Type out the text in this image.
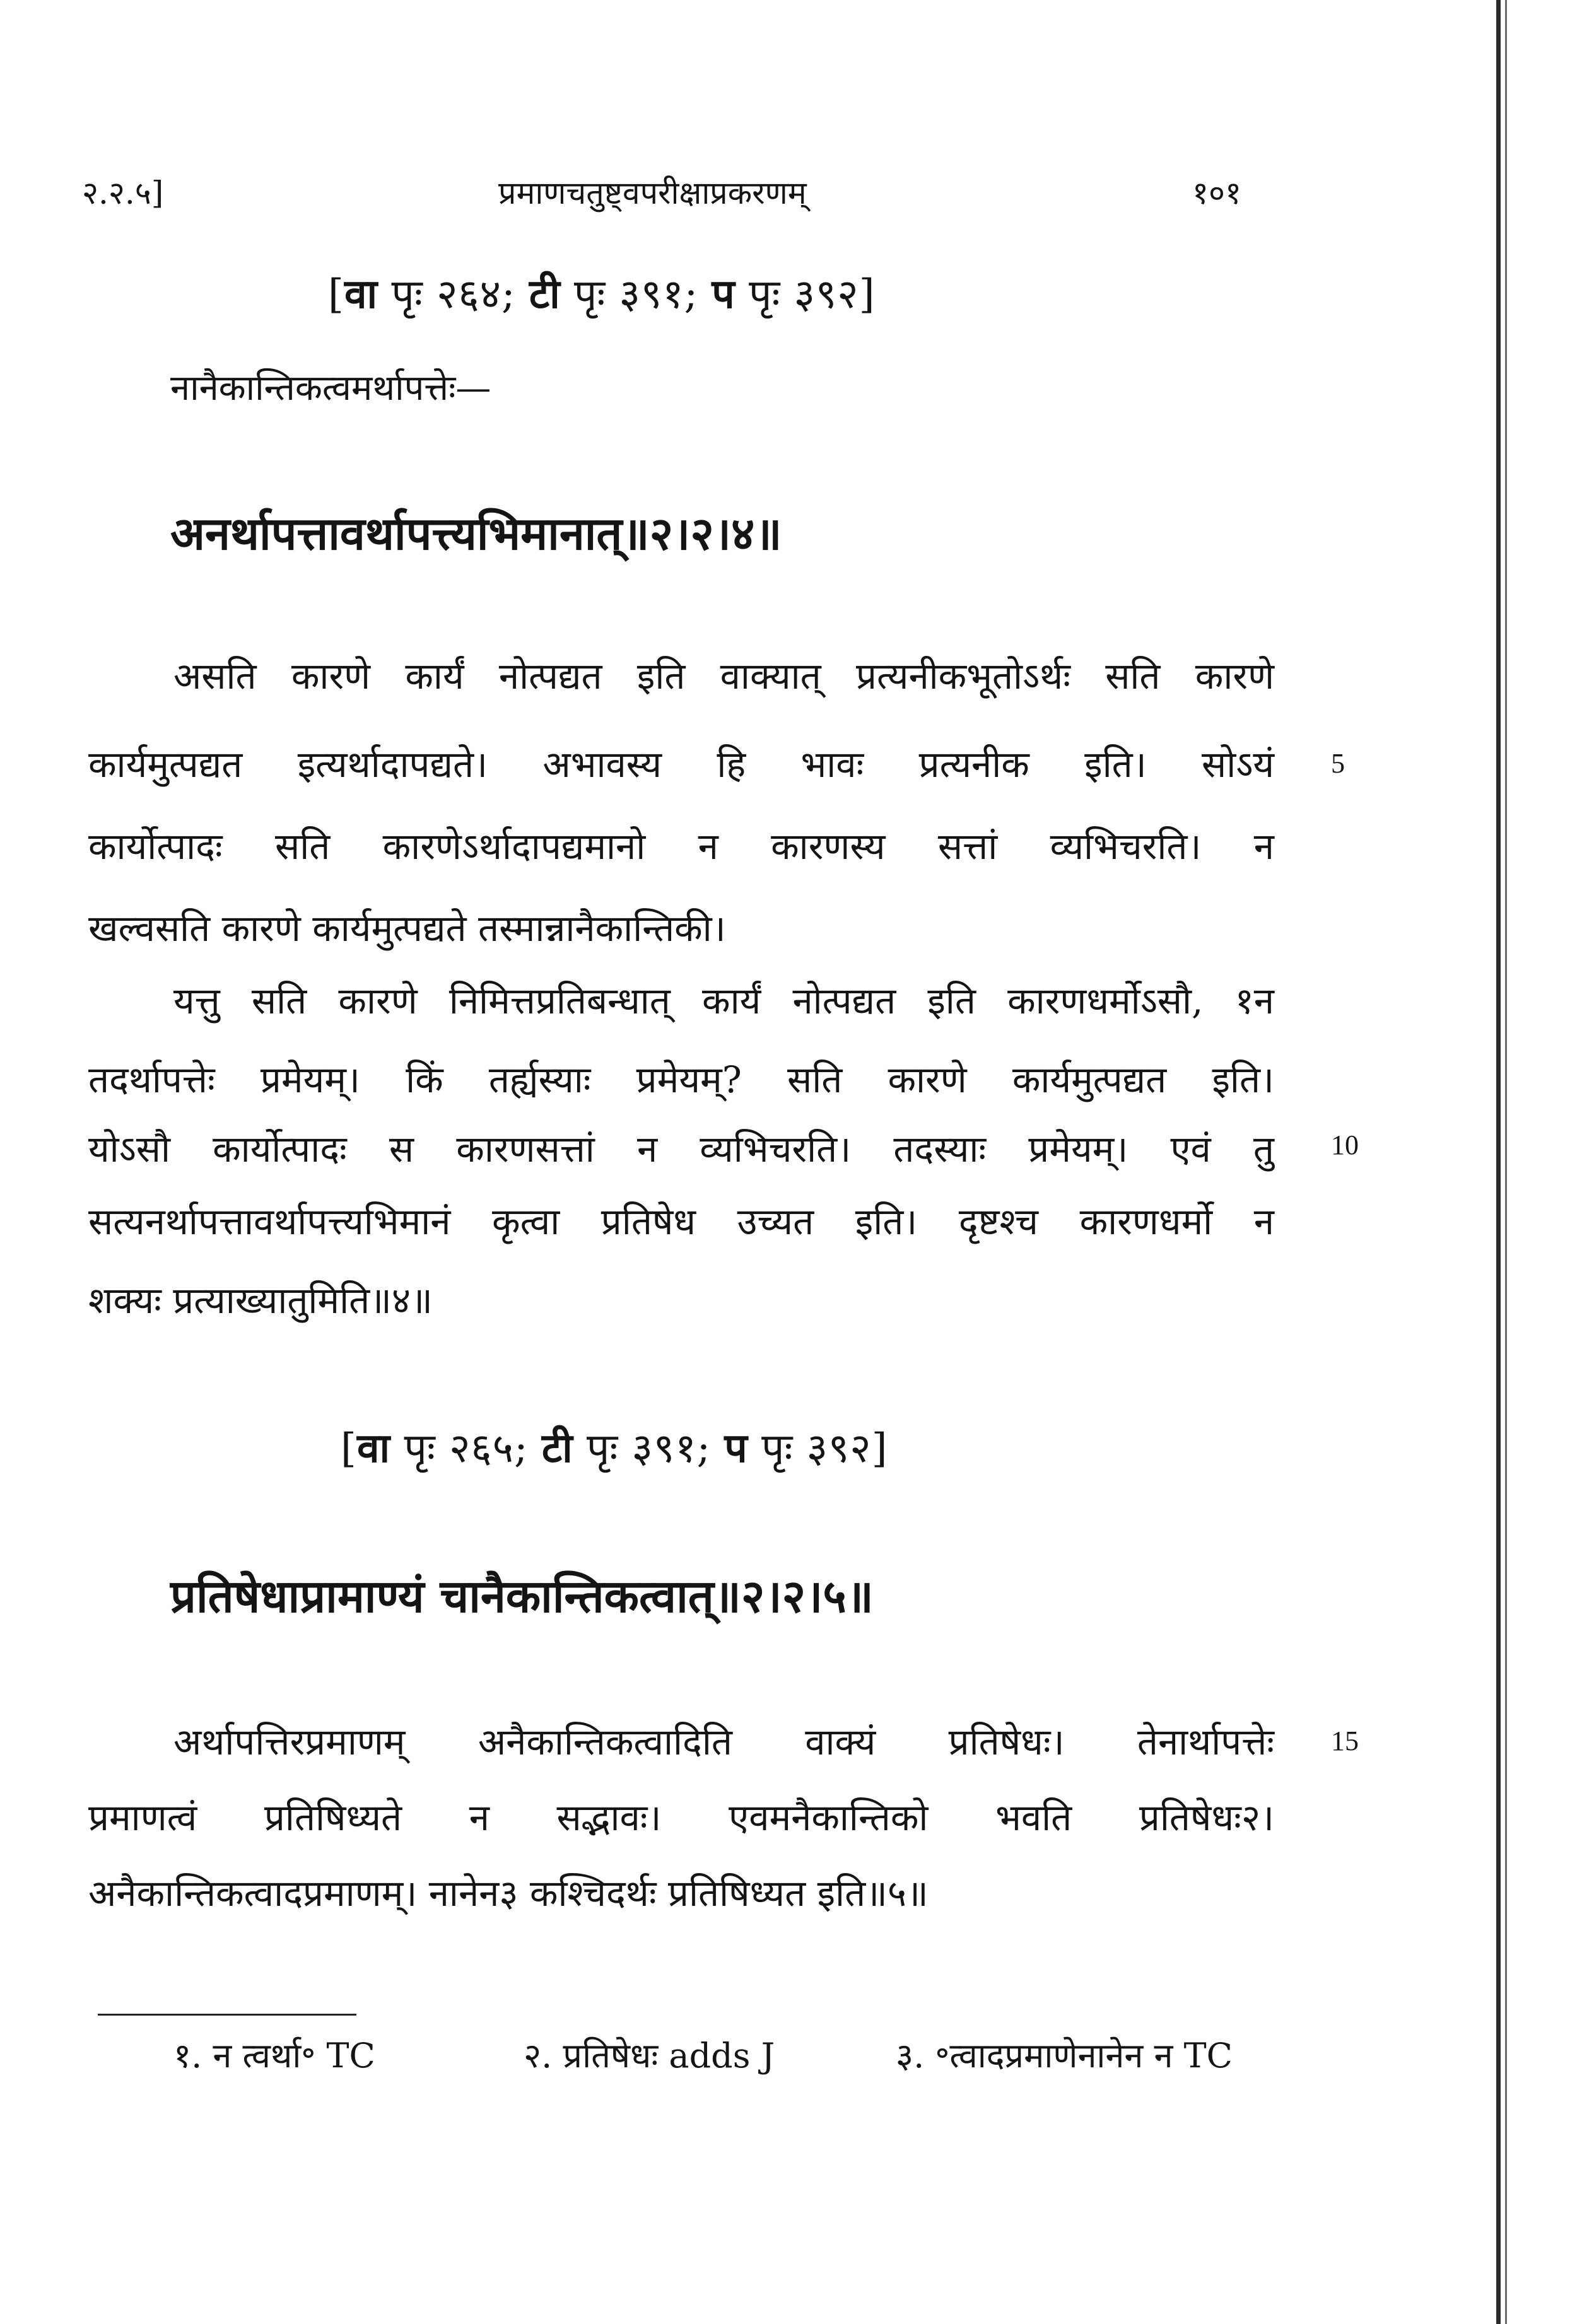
२.२.५]	प्रमाणचतुष्ट्वपरीक्षाप्रकरणम्	१०१
[वा पृः २६४; टी पृः ३९१; प पृः ३९२]
नानैकान्तिकत्वमर्थापत्तेः—
अनर्थापत्तावर्थापत्त्यभिमानात्॥२।२।४॥
असति कारणे कार्यं नोत्पद्यत इति वाक्यात् प्रत्यनीकभूतोऽर्थः सति कारणे
कार्यमुत्पद्यत इत्यर्थादापद्यते। अभावस्य हि भावः प्रत्यनीक इति। सोऽयं 5
कार्योत्पादः सति कारणेऽर्थादापद्यमानो न कारणस्य सत्तां व्यभिचरति। न
खल्वसति कारणे कार्यमुत्पद्यते तस्मान्नानैकान्तिकी।
यत्तु सति कारणे निमित्तप्रतिबन्धात् कार्यं नोत्पद्यत इति कारणधर्मोऽसौ, १न
तदर्थापत्तेः प्रमेयम्। किं तर्ह्यस्याः प्रमेयम्? सति कारणे कार्यमुत्पद्यत इति।
योऽसौ कार्योत्पादः स कारणसत्तां न व्यभिचरति। तदस्याः प्रमेयम्। एवं तु 10
सत्यनर्थापत्तावर्थापत्त्यभिमानं कृत्वा प्रतिषेध उच्यत इति। दृष्टश्च कारणधर्मो न
शक्यः प्रत्याख्यातुमिति॥४॥
[वा पृः २६५; टी पृः ३९१; प पृः ३९२]
प्रतिषेधाप्रामाण्यं चानैकान्तिकत्वात्॥२।२।५॥
अर्थापत्तिरप्रमाणम् अनैकान्तिकत्वादिति वाक्यं प्रतिषेधः। तेनार्थापत्तेः 15
प्रमाणत्वं प्रतिषिध्यते न सद्भावः। एवमनैकान्तिको भवति प्रतिषेधः२।
अनैकान्तिकत्वादप्रमाणम्। नानेन३ कश्चिदर्थः प्रतिषिध्यत इति॥५॥
१. न त्वर्था॰ TC	२. प्रतिषेधः adds J	३. ॰त्वादप्रमाणेनानेन न TC
